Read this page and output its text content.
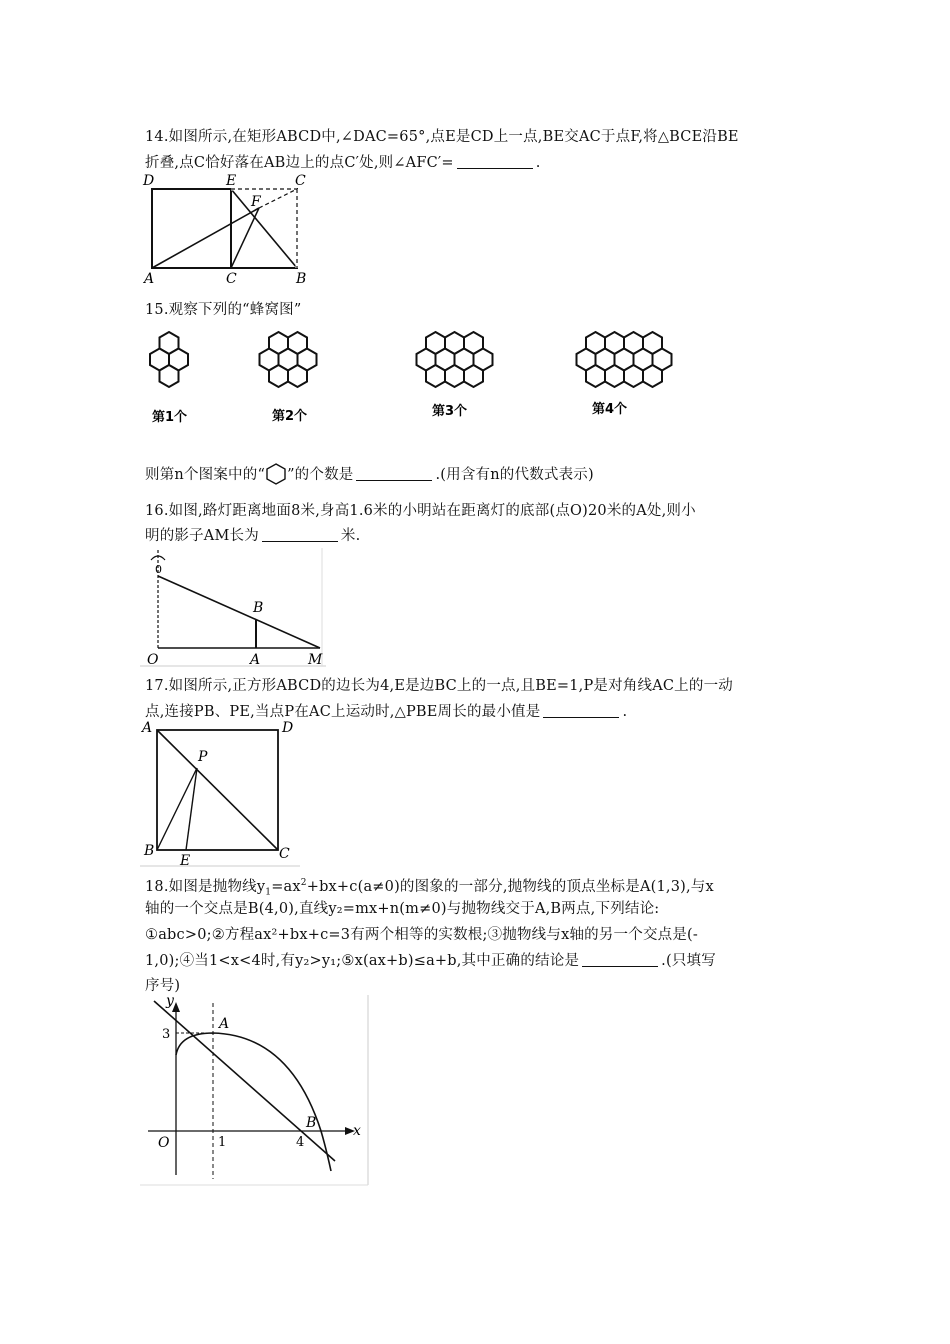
14.如图所示,在矩形ABCD中,∠DAC=65°,点E是CD上一点,BE交AC于点F,将△BCE沿BE
折叠,点C恰好落在AB边上的点C′处,则∠AFC′=	.
D	E	C
F
A	C	B
15.观察下列的“蜂窝图”
第1个	第2个	第3个	第4个
则第n个图案中的“ ”的个数是	.(用含有n的代数式表示)
16.如图,路灯距离地面8米,身高1.6米的小明站在距离灯的底部(点O)20米的A处,则小
明的影子AM长为	米.
0
B
O	A	M
17.如图所示,正方形ABCD的边长为4,E是边BC上的一点,且BE=1,P是对角线AC上的一动
点,连接PB、PE,当点P在AC上运动时,△PBE周长的最小值是	.
A	D
P
B
E	C
18.如图是抛物线$y_1=ax^2+bx+c(a\ne 0)$的图象的一部分,抛物线的顶点坐标是A(1,3),与x
轴的一个交点是B(4,0),直线y₂=mx+n(m≠0)与抛物线交于A,B两点,下列结论:
①abc>0;②方程ax²+bx+c=3有两个相等的实数根;③抛物线与x轴的另一个交点是(-
1,0);④当1<x<4时,有y₂>y₁;⑤x(ax+b)≤a+b,其中正确的结论是	.(只填写
序号)
y
x
3
A
O	1	4
B
